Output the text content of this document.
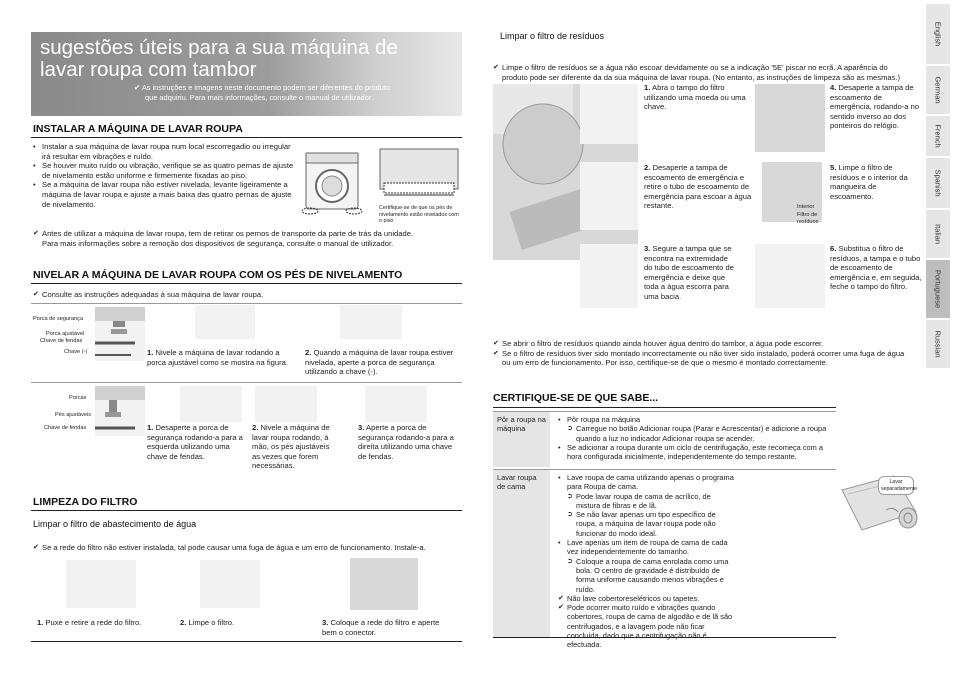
sugestões úteis para a sua máquina de
lavar roupa com tambor
✔ As instruções e imagens neste documento podem ser diferentes do produto
que adquiriu. Para mais informações, consulte o manual de utilizador.
INSTALAR A MÁQUINA DE LAVAR ROUPA
• Instalar a sua máquina de lavar roupa num local escorregadio ou irregular irá resultar em vibrações e ruído.
• Se houver muito ruído ou vibração, verifique se as quatro pernas de ajuste de nivelamento estão uniforme e firmemente fixadas ao piso.
• Se a máquina de lavar roupa não estiver nivelada, levante ligeiramente a máquina de lavar roupa e ajuste a mais baixa das quatro pernas de ajuste de nivelamento.
✔ Antes de utilizar a máquina de lavar roupa, tem de retirar os pernos de transporte da parte de trás da unidade.
Para mais informações sobre a remoção dos dispositivos de segurança, consulte o manual de utilizador.
Certifique-se de que os pés de nivelamento estão nivelados com o piso
NIVELAR A MÁQUINA DE LAVAR ROUPA COM OS PÉS DE NIVELAMENTO
✔ Consulte as instruções adequadas à sua máquina de lavar roupa.
Porca de segurança
Porca ajustável
Chave de fendas
Chave (-)	1. Nivele a máquina de lavar rodando a porca ajustável como se mostra na figura.
2. Quando a máquina de lavar roupa estiver nivelada, aperte a porca de segurança utilizando a chave (-).
Porcas
Pés ajustáveis
Chave de fendas	1. Desaperte a porca de segurança rodando-a para a esquerda utilizando uma chave de fendas.
2. Nivele a máquina de lavar roupa rodando, à mão, os pés ajustáveis as vezes que forem necessárias.
3. Aperte a porca de segurança rodando-a para a direita utilizando uma chave de fendas.
LIMPEZA DO FILTRO
Limpar o filtro de abastecimento de água
✔ Se a rede do filtro não estiver instalada, tal pode causar uma fuga de água e um erro de funcionamento. Instale-a.
1. Puxe e retire a rede do filtro.	2. Limpe o filtro.	3. Coloque a rede do filtro e aperte bem o conector.
Limpar o filtro de resíduos
✔ Limpe o filtro de resíduos se a água não escoar devidamente ou se a indicação '5E' piscar no ecrã. A aparência do produto pode ser diferente da da sua máquina de lavar roupa. (No entanto, as instruções de limpeza são as mesmas.)
Interior
Filtro de resíduos
1. Abra o tampo do filtro utilizando uma moeda ou uma chave.
2. Desaperte a tampa de escoamento de emergência e retire o tubo de escoamento de emergência para escoar a água restante.
3. Segure a tampa que se encontra na extremidade do tubo de escoamento de emergência e deixe que toda a água escorra para uma bacia.
4. Desaperte a tampa de escoamento de emergência, rodando-a no sentido inverso ao dos ponteiros do relógio.
5. Limpe o filtro de resíduos e o interior da mangueira de escoamento.
6. Substitua o filtro de resíduos, a tampa e o tubo de escoamento de emergência e, em seguida, feche o tampo do filtro.
✔ Se abrir o filtro de resíduos quando ainda houver água dentro do tambor, a água pode escorrer.
✔ Se o filtro de resíduos tiver sido montado incorrectamente ou não tiver sido instalado, poderá ocorrer uma fuga de água ou um erro de funcionamento. Por isso, certifique-se de que o mesmo é montado correctamente.
CERTIFIQUE-SE DE QUE SABE...
Pôr a roupa na máquina
• Pôr roupa na máquina
➲ Carregue no botão Adicionar roupa (Parar e Acrescentar) e adicione a roupa quando a luz no indicador Adicionar roupa se acender.
• Se adicionar a roupa durante um ciclo de centrifugação, este recomeça com a hora configurada inicialmente, independentemente do tempo restante.
Lavar roupa de cama
• Lave roupa de cama utilizando apenas o programa para Roupa de cama.
➲ Pode lavar roupa de cama de acrílico, de mistura de fibras e de lã.
➲ Se não lavar apenas um tipo específico de roupa, a máquina de lavar roupa pode não funcionar do modo ideal.
• Lave apenas um item de roupa de cama de cada vez independentemente do tamanho.
➲ Coloque a roupa de cama enrolada como uma bola. O centro de gravidade é distribuído de forma uniforme causando menos vibrações e ruído.
✔ Não lave cobertoreselétricos ou tapetes.
✔ Pode ocorrer muito ruído e vibrações quando cobertores, roupa de cama de algodão e de lã são centrifugados, e a lavagem pode não ficar concluída, dado que a centrifugação não é efectuada.
Lavar separadamente
English
German
French
Spanish
Italian
Portuguese
Russian
